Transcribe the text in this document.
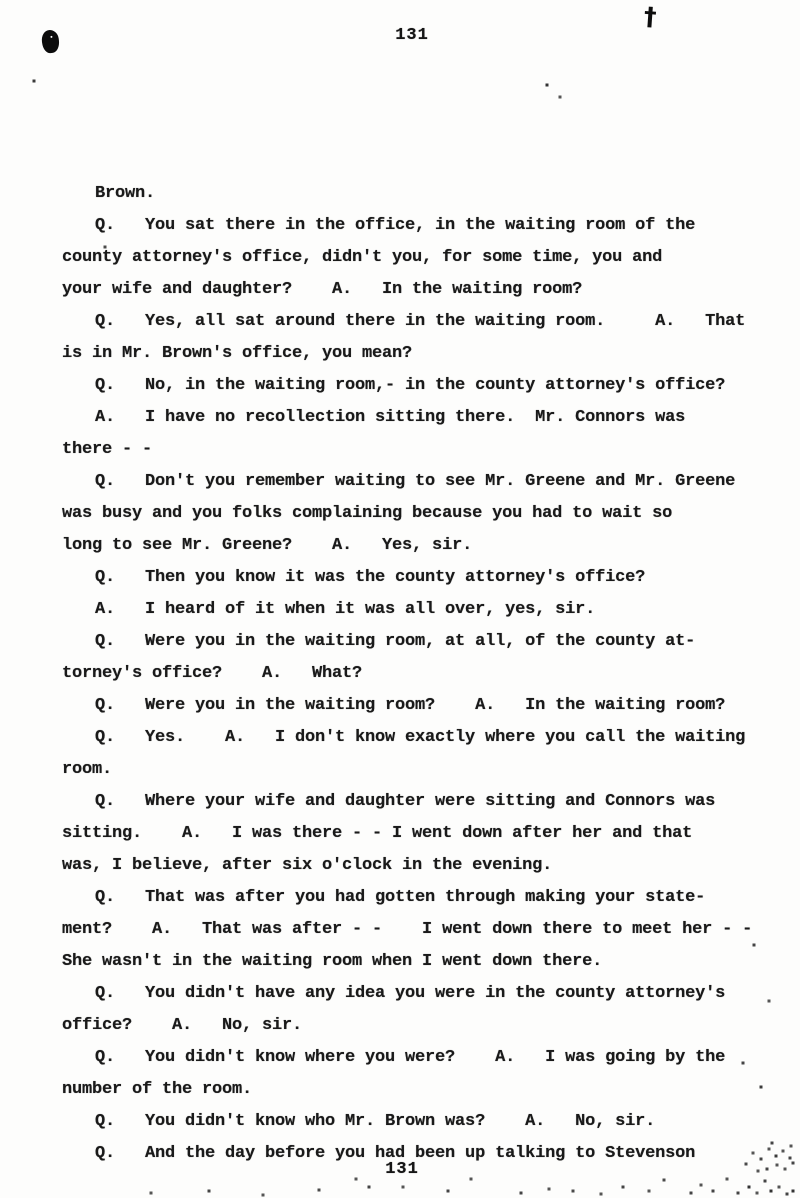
131
†
Brown.
Q.   You sat there in the office, in the waiting room of the
county attorney's office, didn't you, for some time, you and
your wife and daughter?    A.   In the waiting room?
Q.   Yes, all sat around there in the waiting room.     A.   That
is in Mr. Brown's office, you mean?
Q.   No, in the waiting room,- in the county attorney's office?
A.   I have no recollection sitting there.  Mr. Connors was
there - -
Q.   Don't you remember waiting to see Mr. Greene and Mr. Greene
was busy and you folks complaining because you had to wait so
long to see Mr. Greene?    A.   Yes, sir.
Q.   Then you know it was the county attorney's office?
A.   I heard of it when it was all over, yes, sir.
Q.   Were you in the waiting room, at all, of the county at-
torney's office?    A.   What?
Q.   Were you in the waiting room?    A.   In the waiting room?
Q.   Yes.    A.   I don't know exactly where you call the waiting
room.
Q.   Where your wife and daughter were sitting and Connors was
sitting.    A.   I was there - - I went down after her and that
was, I believe, after six o'clock in the evening.
Q.   That was after you had gotten through making your state-
ment?    A.   That was after - -    I went down there to meet her - -
She wasn't in the waiting room when I went down there.
Q.   You didn't have any idea you were in the county attorney's
office?    A.   No, sir.
Q.   You didn't know where you were?    A.   I was going by the
number of the room.
Q.   You didn't know who Mr. Brown was?    A.   No, sir.
Q.   And the day before you had been up talking to Stevenson
131
